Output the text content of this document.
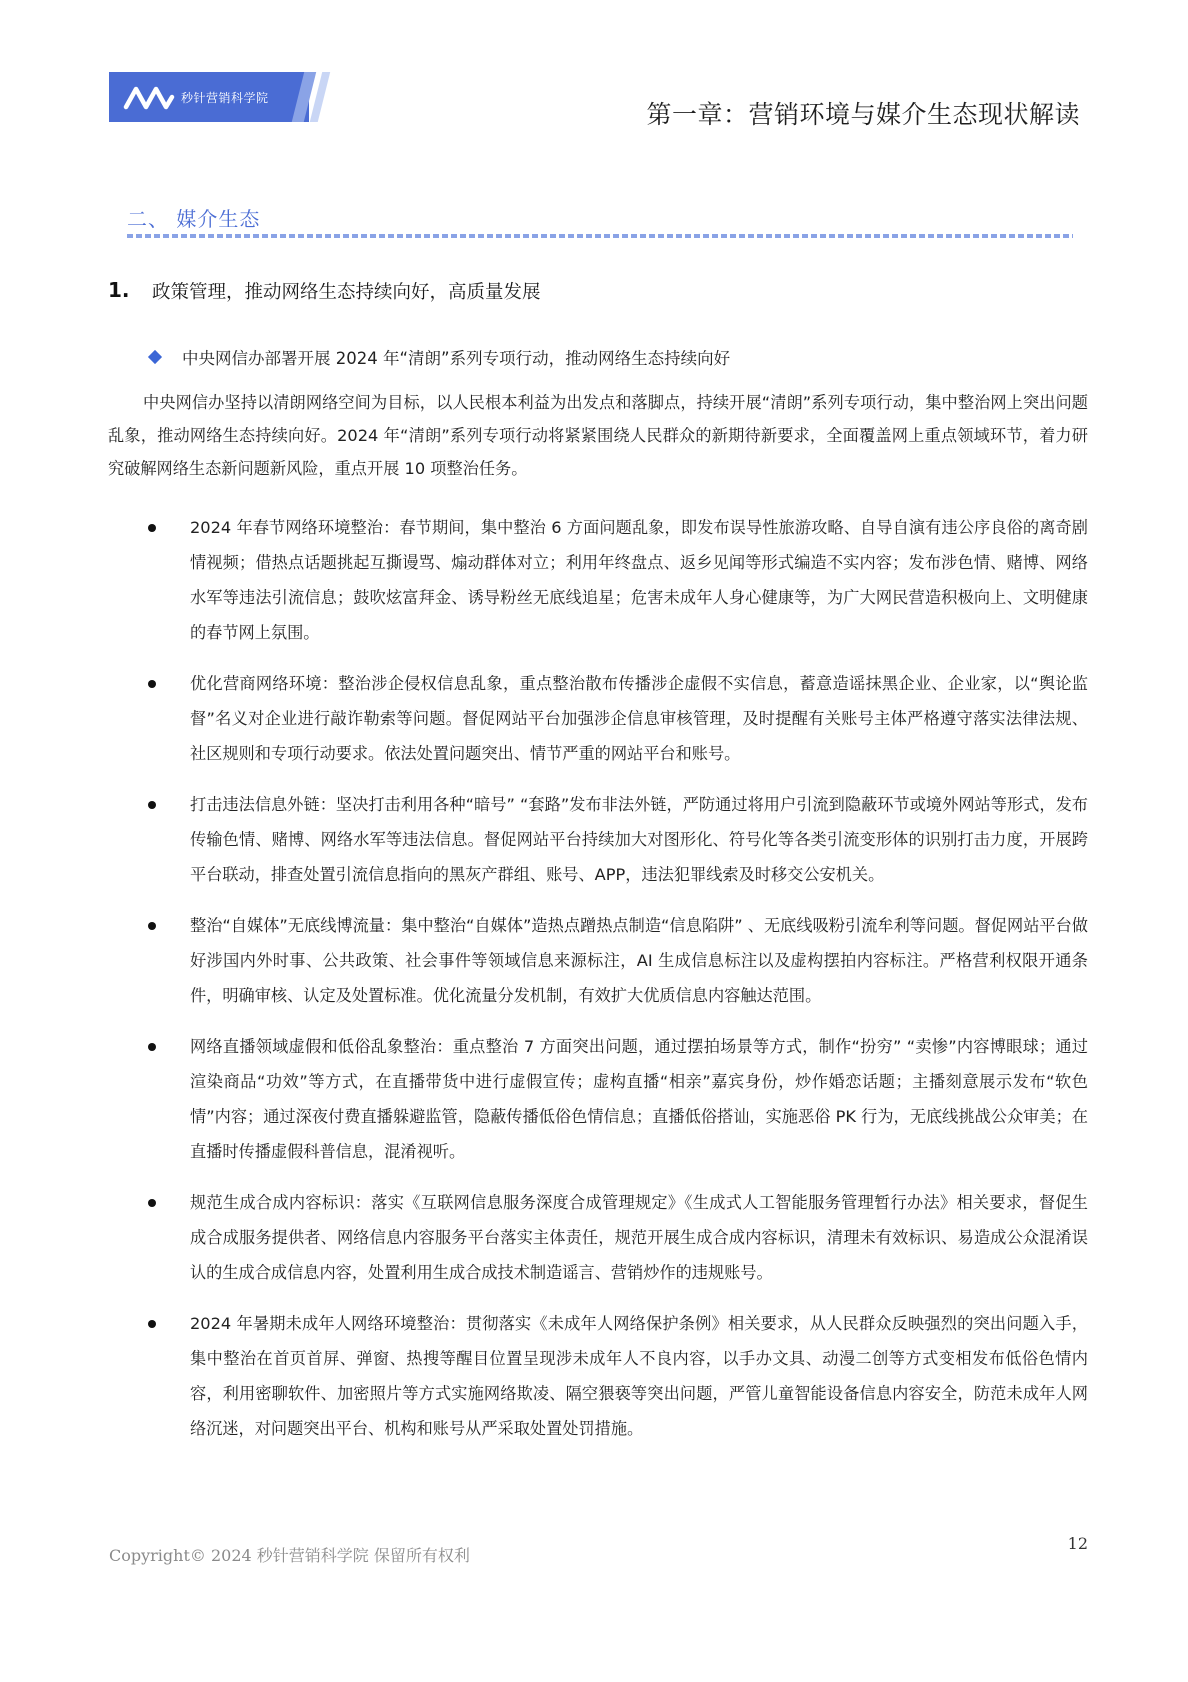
秒针营销科学院
第一章：营销环境与媒介生态现状解读
二、 媒介生态
1. 政策管理，推动网络生态持续向好，高质量发展
中央网信办部署开展 2024 年“清朗”系列专项行动，推动网络生态持续向好
中央网信办坚持以清朗网络空间为目标，以人民根本利益为出发点和落脚点，持续开展“清朗”系列专项行动，集中整治网上突出问题乱象，推动网络生态持续向好。2024 年“清朗”系列专项行动将紧紧围绕人民群众的新期待新要求，全面覆盖网上重点领域环节，着力研究破解网络生态新问题新风险，重点开展 10 项整治任务。
2024 年春节网络环境整治：春节期间，集中整治 6 方面问题乱象，即发布误导性旅游攻略、自导自演有违公序良俗的离奇剧情视频；借热点话题挑起互撕谩骂、煽动群体对立；利用年终盘点、返乡见闻等形式编造不实内容；发布涉色情、赌博、网络水军等违法引流信息；鼓吹炫富拜金、诱导粉丝无底线追星；危害未成年人身心健康等，为广大网民营造积极向上、文明健康的春节网上氛围。
优化营商网络环境：整治涉企侵权信息乱象，重点整治散布传播涉企虚假不实信息，蓄意造谣抹黑企业、企业家，以“舆论监督”名义对企业进行敲诈勒索等问题。督促网站平台加强涉企信息审核管理，及时提醒有关账号主体严格遵守落实法律法规、社区规则和专项行动要求。依法处置问题突出、情节严重的网站平台和账号。
打击违法信息外链：坚决打击利用各种“暗号” “套路”发布非法外链，严防通过将用户引流到隐蔽环节或境外网站等形式，发布传输色情、赌博、网络水军等违法信息。督促网站平台持续加大对图形化、符号化等各类引流变形体的识别打击力度，开展跨平台联动，排查处置引流信息指向的黑灰产群组、账号、APP，违法犯罪线索及时移交公安机关。
整治“自媒体”无底线博流量：集中整治“自媒体”造热点蹭热点制造“信息陷阱” 、无底线吸粉引流牟利等问题。督促网站平台做好涉国内外时事、公共政策、社会事件等领域信息来源标注，AI 生成信息标注以及虚构摆拍内容标注。严格营利权限开通条件，明确审核、认定及处置标准。优化流量分发机制，有效扩大优质信息内容触达范围。
网络直播领域虚假和低俗乱象整治：重点整治 7 方面突出问题，通过摆拍场景等方式，制作“扮穷” “卖惨”内容博眼球；通过渲染商品“功效”等方式，在直播带货中进行虚假宣传；虚构直播“相亲”嘉宾身份，炒作婚恋话题；主播刻意展示发布“软色情”内容；通过深夜付费直播躲避监管，隐蔽传播低俗色情信息；直播低俗搭讪，实施恶俗 PK 行为，无底线挑战公众审美；在直播时传播虚假科普信息，混淆视听。
规范生成合成内容标识：落实《互联网信息服务深度合成管理规定》《生成式人工智能服务管理暂行办法》相关要求，督促生成合成服务提供者、网络信息内容服务平台落实主体责任，规范开展生成合成内容标识，清理未有效标识、易造成公众混淆误认的生成合成信息内容，处置利用生成合成技术制造谣言、营销炒作的违规账号。
2024 年暑期未成年人网络环境整治：贯彻落实《未成年人网络保护条例》相关要求，从人民群众反映强烈的突出问题入手，集中整治在首页首屏、弹窗、热搜等醒目位置呈现涉未成年人不良内容，以手办文具、动漫二创等方式变相发布低俗色情内容，利用密聊软件、加密照片等方式实施网络欺凌、隔空猥亵等突出问题，严管儿童智能设备信息内容安全，防范未成年人网络沉迷，对问题突出平台、机构和账号从严采取处置处罚措施。
Copyright© 2024 秒针营销科学院 保留所有权利
12
